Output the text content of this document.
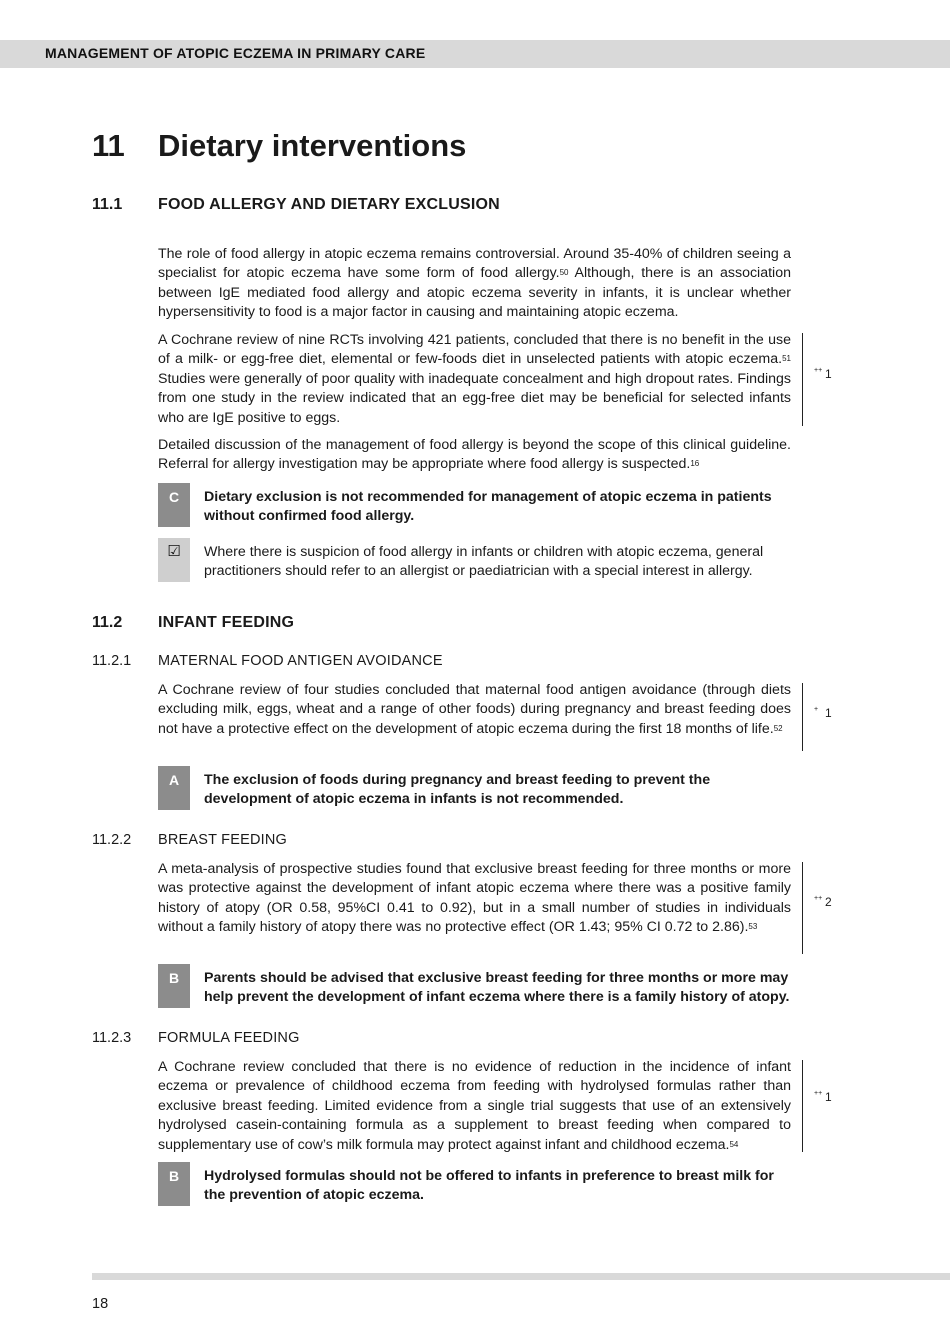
MANAGEMENT OF ATOPIC ECZEMA IN PRIMARY CARE
11 Dietary interventions
11.1 FOOD ALLERGY AND DIETARY EXCLUSION

The role of food allergy in atopic eczema remains controversial. Around 35-40% of children seeing a specialist for atopic eczema have some form of food allergy.$^{50}$ Although, there is an association between IgE mediated food allergy and atopic eczema severity in infants, it is unclear whether hypersensitivity to food is a major factor in causing and maintaining atopic eczema.

A Cochrane review of nine RCTs involving 421 patients, concluded that there is no benefit in the use of a milk- or egg-free diet, elemental or few-foods diet in unselected patients with atopic eczema.$^{51}$ Studies were generally of poor quality with inadequate concealment and high dropout rates. Findings from one study in the review indicated that an egg-free diet may be beneficial for selected infants who are IgE positive to eggs.

1
++

Detailed discussion of the management of food allergy is beyond the scope of this clinical guideline. Referral for allergy investigation may be appropriate where food allergy is suspected.$^{16}$

C	Dietary exclusion is not recommended for management of atopic eczema in patients without confirmed food allergy.

☑	Where there is suspicion of food allergy in infants or children with atopic eczema, general practitioners should refer to an allergist or paediatrician with a special interest in allergy.

11.2 INFANT FEEDING
11.2.1 MATERNAL FOOD ANTIGEN AVOIDANCE

A Cochrane review of four studies concluded that maternal food antigen avoidance (through diets excluding milk, eggs, wheat and a range of other foods) during pregnancy and breast feeding does not have a protective effect on the development of atopic eczema during the first 18 months of life.$^{52}$

1
+
A	The exclusion of foods during pregnancy and breast feeding to prevent the development of atopic eczema in infants is not recommended.

11.2.2 BREAST FEEDING

A meta-analysis of prospective studies found that exclusive breast feeding for three months or more was protective against the development of infant atopic eczema where there was a positive family history of atopy (OR 0.58, 95%CI 0.41 to 0.92), but in a small number of studies in individuals without a family history of atopy there was no protective effect (OR 1.43; 95% CI 0.72 to 2.86).$^{53}$

2
++
B	Parents should be advised that exclusive breast feeding for three months or more may help prevent the development of infant eczema where there is a family history of atopy.

11.2.3 FORMULA FEEDING

A Cochrane review concluded that there is no evidence of reduction in the incidence of infant eczema or prevalence of childhood eczema from feeding with hydrolysed formulas rather than exclusive breast feeding. Limited evidence from a single trial suggests that use of an extensively hydrolysed casein-containing formula as a supplement to breast feeding when compared to supplementary use of cow’s milk formula may protect against infant and childhood eczema.$^{54}$

1
++
B	Hydrolysed formulas should not be offered to infants in preference to breast milk for the prevention of atopic eczema.

18
